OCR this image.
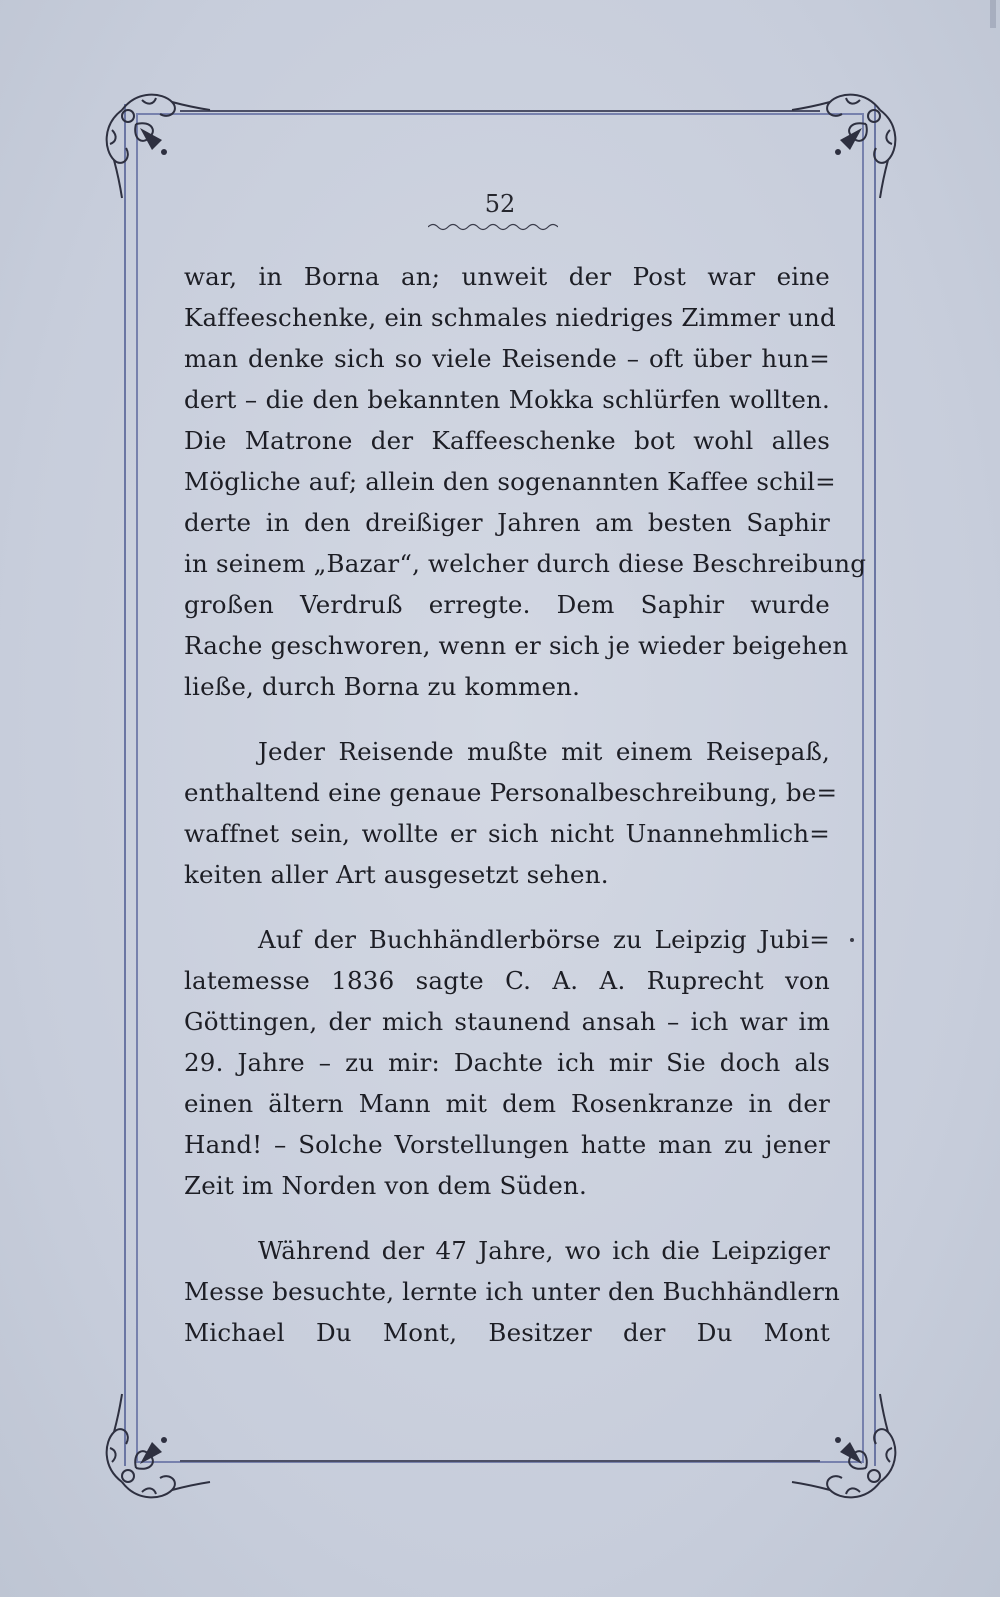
52

war, in Borna an; unweit der Post war eine
Kaffeeschenke, ein schmales niedriges Zimmer und
man denke sich so viele Reisende – oft über hun=
dert – die den bekannten Mokka schlürfen wollten.
Die Matrone der Kaffeeschenke bot wohl alles
Mögliche auf; allein den sogenannten Kaffee schil=
derte in den dreißiger Jahren am besten Saphir
in seinem „Bazar“, welcher durch diese Beschreibung
großen Verdruß erregte. Dem Saphir wurde
Rache geschworen, wenn er sich je wieder beigehen
ließe, durch Borna zu kommen.

Jeder Reisende mußte mit einem Reisepaß,
enthaltend eine genaue Personalbeschreibung, be=
waffnet sein, wollte er sich nicht Unannehmlich=
keiten aller Art ausgesetzt sehen.

Auf der Buchhändlerbörse zu Leipzig Jubi=
latemesse 1836 sagte C. A. A. Ruprecht von
Göttingen, der mich staunend ansah – ich war im
29. Jahre – zu mir: Dachte ich mir Sie doch als
einen ältern Mann mit dem Rosenkranze in der
Hand! – Solche Vorstellungen hatte man zu jener
Zeit im Norden von dem Süden.

Während der 47 Jahre, wo ich die Leipziger
Messe besuchte, lernte ich unter den Buchhändlern
Michael Du Mont, Besitzer der Du Mont
